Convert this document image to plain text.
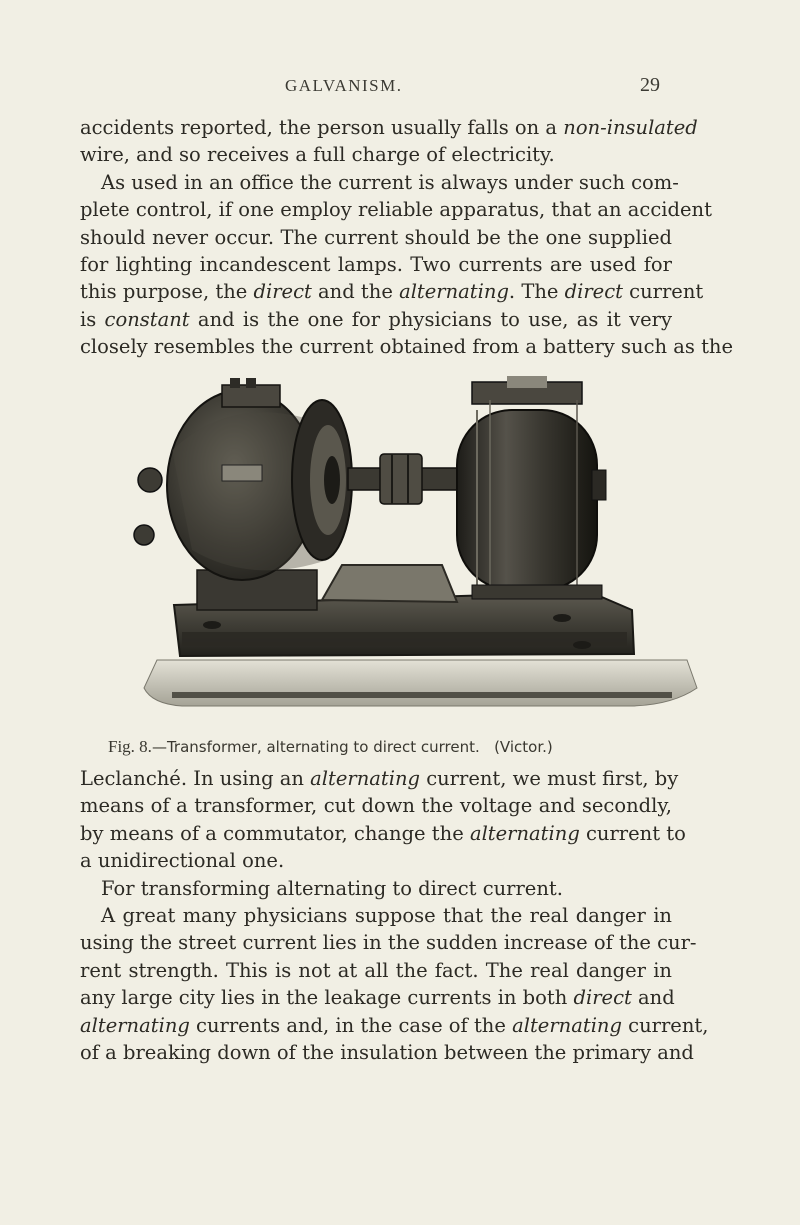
GALVANISM.	29
accidents reported, the person usually falls on a non-insulated
wire, and so receives a full charge of electricity.
As used in an office the current is always under such com-
plete control, if one employ reliable apparatus, that an accident
should never occur. The current should be the one supplied
for lighting incandescent lamps. Two currents are used for
this purpose, the direct and the alternating. The direct current
is constant and is the one for physicians to use, as it very
closely resembles the current obtained from a battery such as the
Fig. 8.—Transformer, alternating to direct current. (Victor.)
Leclanché. In using an alternating current, we must first, by
means of a transformer, cut down the voltage and secondly,
by means of a commutator, change the alternating current to
a unidirectional one.
For transforming alternating to direct current.
A great many physicians suppose that the real danger in
using the street current lies in the sudden increase of the cur-
rent strength. This is not at all the fact. The real danger in
any large city lies in the leakage currents in both direct and
alternating currents and, in the case of the alternating current,
of a breaking down of the insulation between the primary and
